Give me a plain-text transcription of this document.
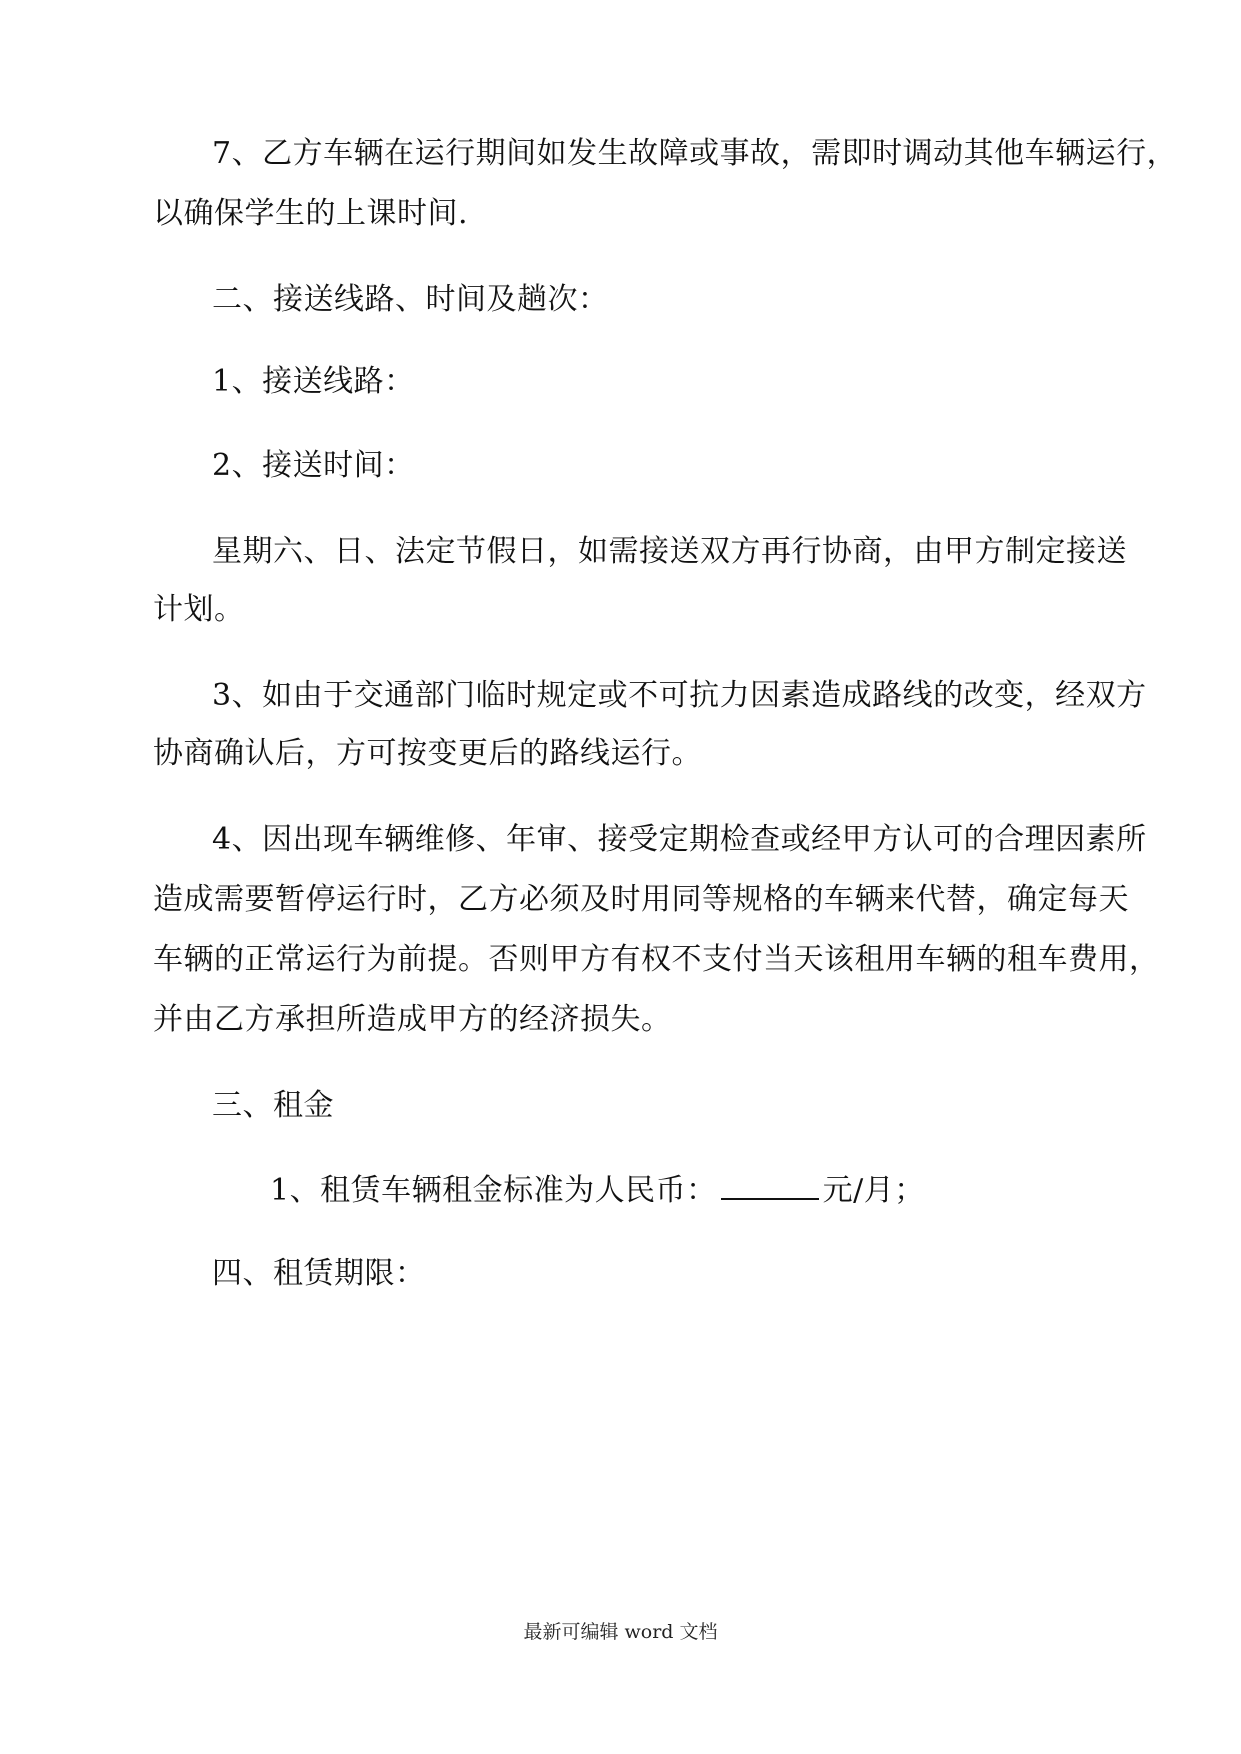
7、乙方车辆在运行期间如发生故障或事故，需即时调动其他车辆运行，
以确保学生的上课时间.
二、接送线路、时间及趟次：
1、接送线路：
2、接送时间：
星期六、日、法定节假日，如需接送双方再行协商，由甲方制定接送
计划。
3、如由于交通部门临时规定或不可抗力因素造成路线的改变，经双方
协商确认后，方可按变更后的路线运行。
4、因出现车辆维修、年审、接受定期检查或经甲方认可的合理因素所
造成需要暂停运行时，乙方必须及时用同等规格的车辆来代替，确定每天
车辆的正常运行为前提。否则甲方有权不支付当天该租用车辆的租车费用，
并由乙方承担所造成甲方的经济损失。
三、租金
1、租赁车辆租金标准为人民币：	元/月；
四、租赁期限：
最新可编辑 word 文档
